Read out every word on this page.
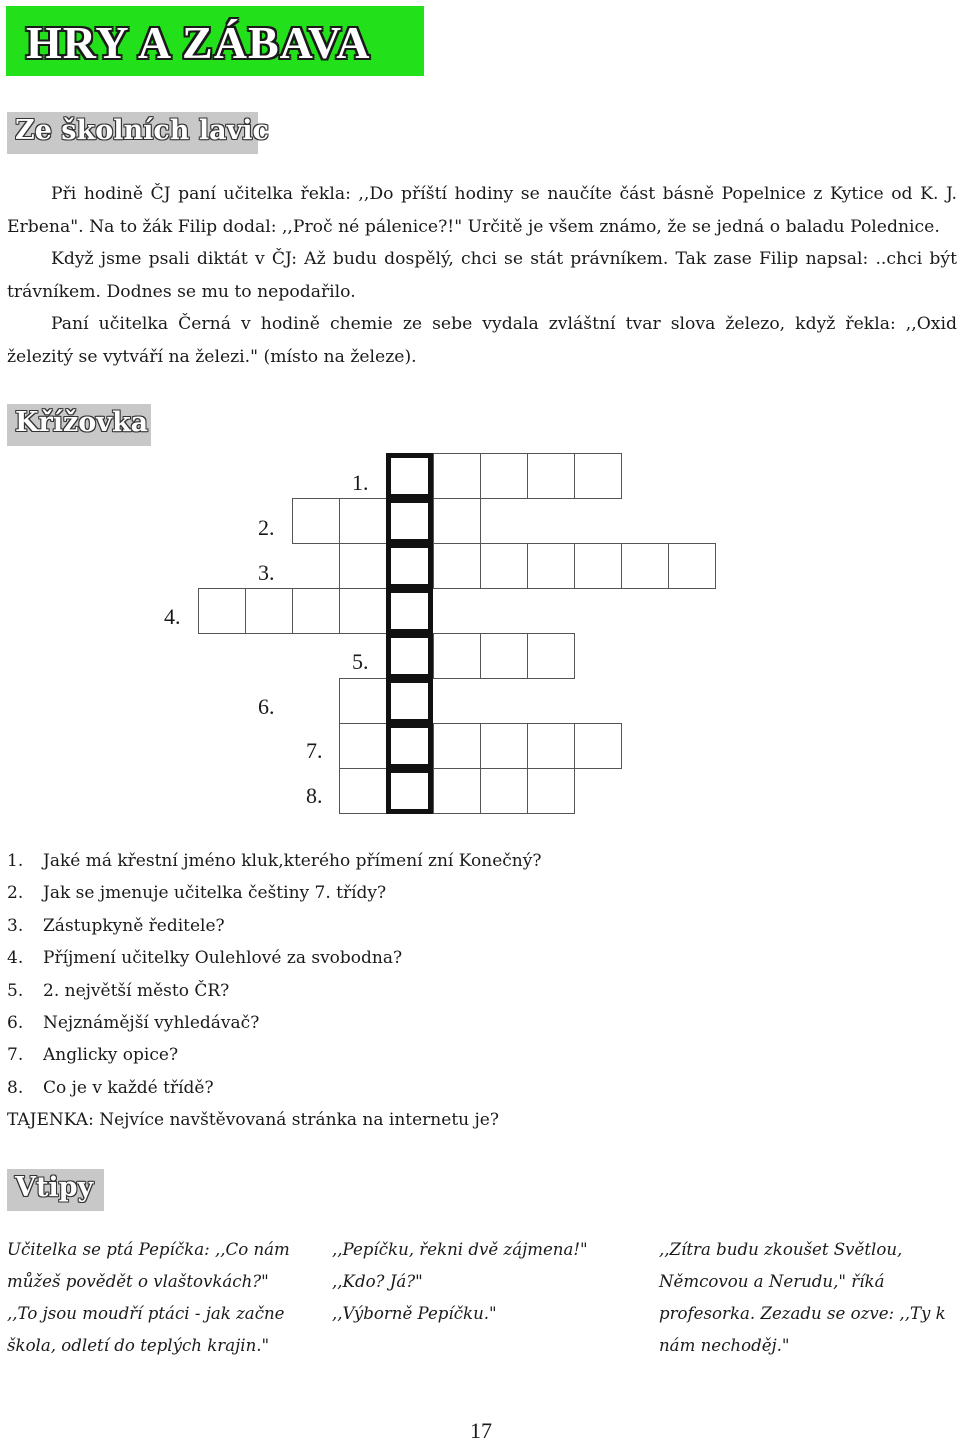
HRY A ZÁBAVA
Ze školních lavic

Při hodině ČJ paní učitelka řekla: ,,Do příští hodiny se naučíte část básně Popelnice z Kytice od K. J. Erbena". Na to žák Filip dodal: ,,Proč né pálenice?!" Určitě je všem známo, že se jedná o baladu Polednice.

Když jsme psali diktát v ČJ: Až budu dospělý, chci se stát právníkem. Tak zase Filip napsal: ..chci být trávníkem. Dodnes se mu to nepodařilo.

Paní učitelka Černá v hodině chemie ze sebe vydala zvláštní tvar slova železo, když řekla: ,,Oxid železitý se vytváří na železi." (místo na železe).

Křížovka
1.
2.
3.
4.
5.
6.
7.
8.
1. Jaké má křestní jméno kluk,kterého přímení zní Konečný?
2. Jak se jmenuje učitelka češtiny 7. třídy?
3. Zástupkyně ředitele?
4. Příjmení učitelky Oulehlové za svobodna?
5. 2. největší město ČR?
6. Nejznámější vyhledávač?
7. Anglicky opice?
8. Co je v každé třídě?
TAJENKA: Nejvíce navštěvovaná stránka na internetu je?
Vtipy
Učitelka se ptá Pepíčka: ,,Co nám
můžeš povědět o vlaštovkách?"
,,To jsou moudří ptáci - jak začne
škola, odletí do teplých krajin."
,,Pepíčku, řekni dvě zájmena!"
,,Kdo? Já?"
,,Výborně Pepíčku."
,,Zítra budu zkoušet Světlou,
Němcovou a Nerudu," říká
profesorka. Zezadu se ozve: ,,Ty k
nám nechoděj."
17
